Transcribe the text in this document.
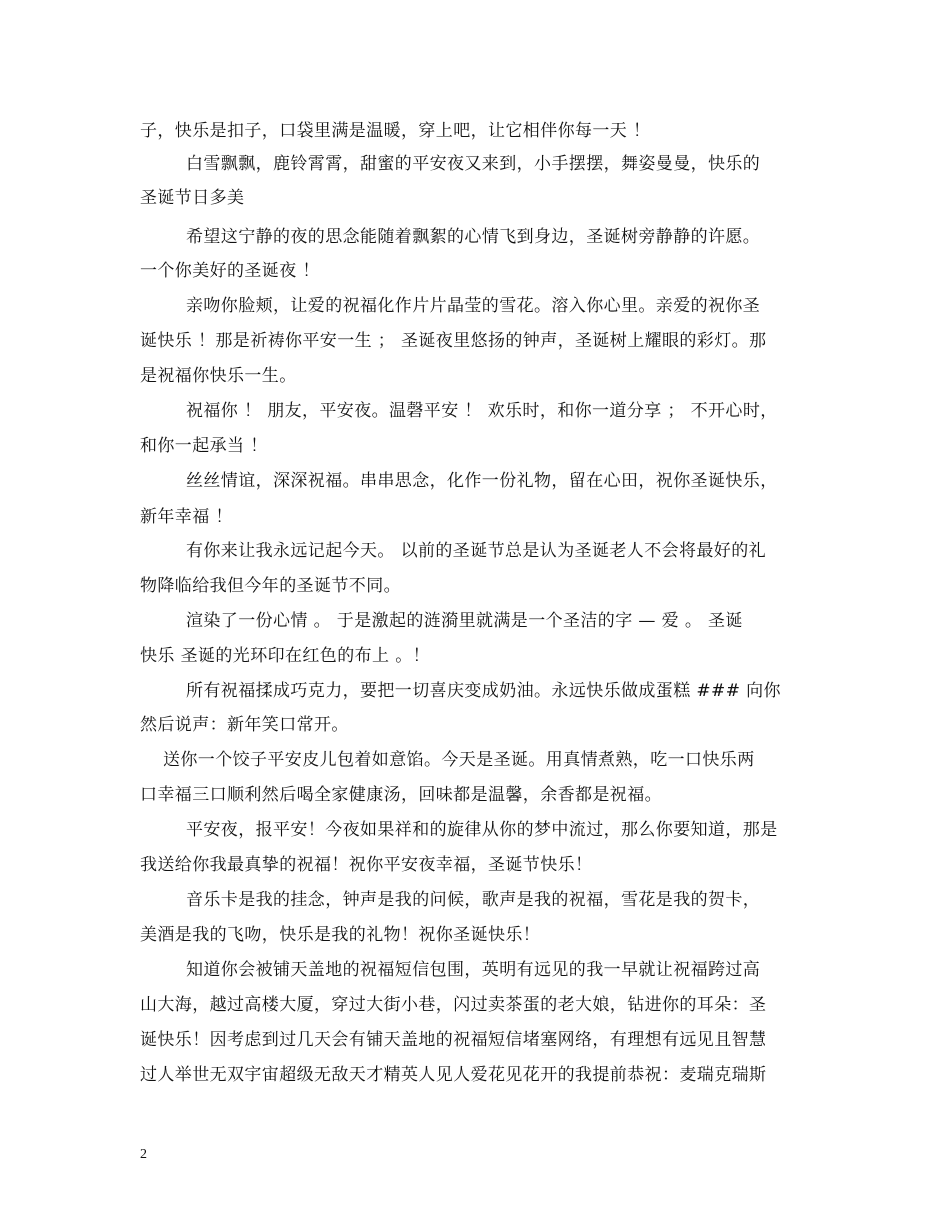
子，快乐是扣子，口袋里满是温暖，穿上吧，让它相伴你每一天 ！
白雪飘飘，鹿铃霄霄，甜蜜的平安夜又来到，小手摆摆，舞姿曼曼，快乐的
圣诞节日多美
希望这宁静的夜的思念能随着飘絮的心情飞到身边，圣诞树旁静静的许愿。
一个你美好的圣诞夜 ！
亲吻你脸颊，让爱的祝福化作片片晶莹的雪花。溶入你心里。亲爱的祝你圣
诞快乐 ！那是祈祷你平安一生 ； 圣诞夜里悠扬的钟声，圣诞树上耀眼的彩灯。那
是祝福你快乐一生。
祝福你 ！ 朋友，平安夜。温磬平安 ！ 欢乐时，和你一道分享 ； 不开心时，
和你一起承当 ！
丝丝情谊，深深祝福。串串思念，化作一份礼物，留在心田，祝你圣诞快乐，
新年幸福 ！
有你来让我永远记起今天。 以前的圣诞节总是认为圣诞老人不会将最好的礼
物降临给我但今年的圣诞节不同。
渲染了一份心情 。 于是激起的涟漪里就满是一个圣洁的字 — 爱 。 圣诞
快乐 圣诞的光环印在红色的布上 。！
所有祝福揉成巧克力，要把一切喜庆变成奶油。永远快乐做成蛋糕 ### 向你
然后说声：新年笑口常开。
送你一个饺子平安皮儿包着如意馅。今天是圣诞。用真情煮熟，吃一口快乐两
口幸福三口顺利然后喝全家健康汤，回味都是温馨，余香都是祝福。
平安夜，报平安！今夜如果祥和的旋律从你的梦中流过，那么你要知道，那是
我送给你我最真挚的祝福！祝你平安夜幸福，圣诞节快乐！
音乐卡是我的挂念，钟声是我的问候，歌声是我的祝福，雪花是我的贺卡，
美酒是我的飞吻，快乐是我的礼物！祝你圣诞快乐！
知道你会被铺天盖地的祝福短信包围，英明有远见的我一早就让祝福跨过高
山大海，越过高楼大厦，穿过大街小巷，闪过卖茶蛋的老大娘，钻进你的耳朵：圣
诞快乐！因考虑到过几天会有铺天盖地的祝福短信堵塞网络，有理想有远见且智慧
过人举世无双宇宙超级无敌天才精英人见人爱花见花开的我提前恭祝：麦瑞克瑞斯
2
